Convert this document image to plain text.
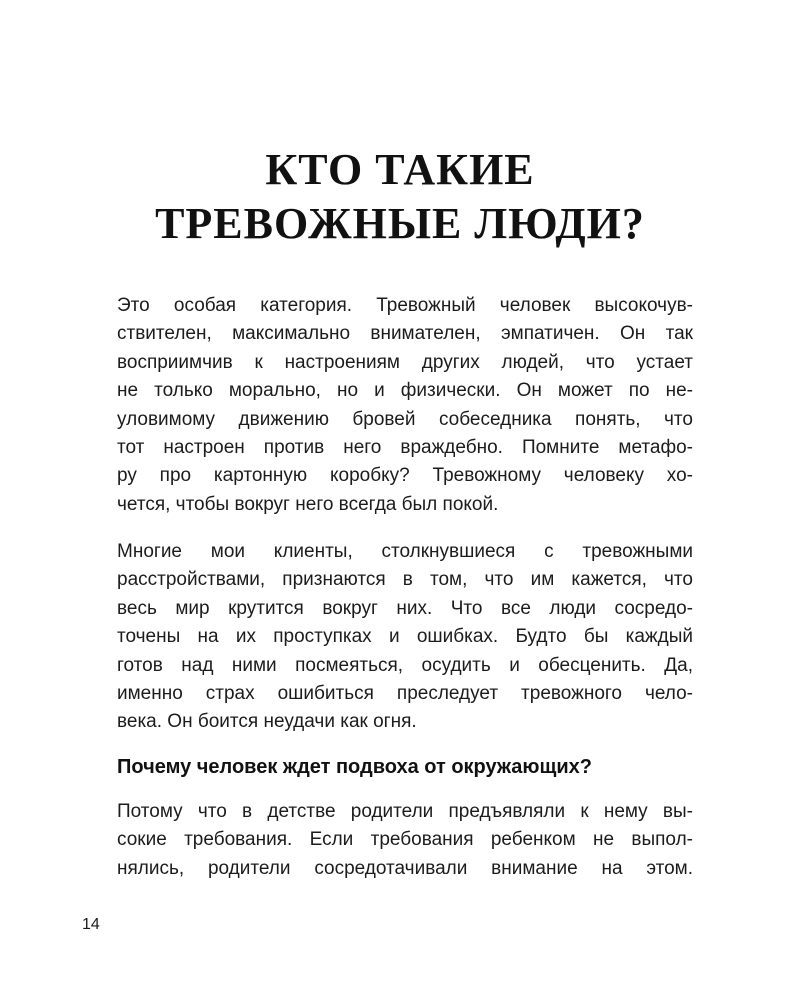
КТО ТАКИЕ
ТРЕВОЖНЫЕ ЛЮДИ?
Это особая категория. Тревожный человек высокочув-
ствителен, максимально внимателен, эмпатичен. Он так
восприимчив к настроениям других людей, что устает
не только морально, но и физически. Он может по не-
уловимому движению бровей собеседника понять, что
тот настроен против него враждебно. Помните метафо-
ру про картонную коробку? Тревожному человеку хо-
чется, чтобы вокруг него всегда был покой.
Многие мои клиенты, столкнувшиеся с тревожными
расстройствами, признаются в том, что им кажется, что
весь мир крутится вокруг них. Что все люди сосредо-
точены на их проступках и ошибках. Будто бы каждый
готов над ними посмеяться, осудить и обесценить. Да,
именно страх ошибиться преследует тревожного чело-
века. Он боится неудачи как огня.
Почему человек ждет подвоха от окружающих?
Потому что в детстве родители предъявляли к нему вы-
сокие требования. Если требования ребенком не выпол-
нялись, родители сосредотачивали внимание на этом.
14
